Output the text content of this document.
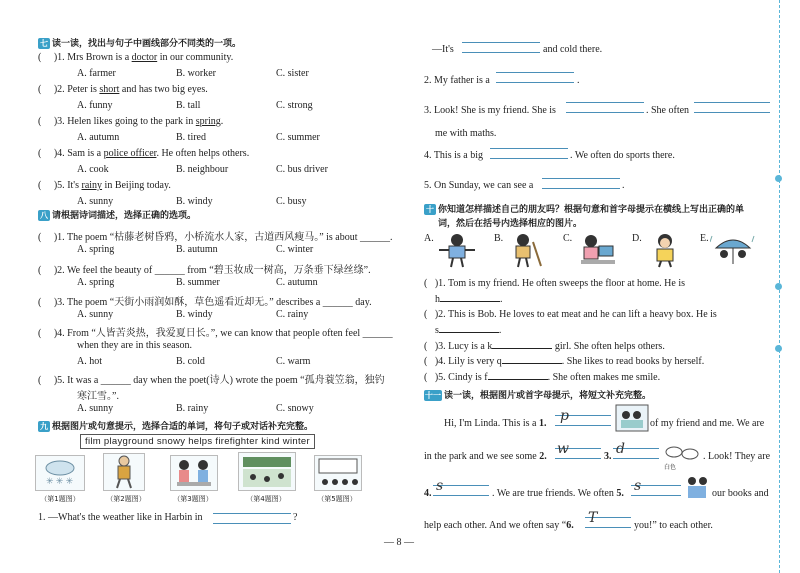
七 读一读，找出与句子中画线部分不同类的一项。
( )1. Mrs Brown is a doctor in our community.
A. farmer	B. worker	C. sister
( )2. Peter is short and has two big eyes.
A. funny	B. tall	C. strong
( )3. Helen likes going to the park in spring.
A. autumn	B. tired	C. summer
( )4. Sam is a police officer. He often helps others.
A. cook	B. neighbour	C. bus driver
( )5. It's rainy in Beijing today.
A. sunny	B. windy	C. busy
八 请根据诗词描述，选择正确的选项。
( )1. The poem “枯藤老树昏鸦，小桥流水人家，古道西风瘦马。” is about ______.
A. spring	B. autumn	C. winter
( )2. We feel the beauty of ______ from “碧玉妆成一树高，万条垂下绿丝绦”.
A. spring	B. summer	C. autumn
( )3. The poem “天街小雨润如酥，草色遥看近却无。” describes a ______ day.
A. sunny	B. windy	C. rainy
( )4. From “人皆苦炎热，我爱夏日长。”, we can know that people often feel ______
when they are in this season.
A. hot	B. cold	C. warm
( )5. It was a ______ day when the poet(诗人) wrote the poem “孤舟蓑笠翁，独钓
寒江雪。”.
A. sunny	B. rainy	C. snowy
九 根据图片或句意提示，选择合适的单词，将句子或对话补充完整。
film playground snowy helps firefighter kind winter
✳ ✳ ✳
（第1题图）	（第2题图）	（第3题图）	（第4题图）	（第5题图）
1. —What's the weather like in Harbin in	?
— 8 —
—It's	and cold there.
2. My father is a	.
3. Look! She is my friend. She is	. She often
me with maths.
4. This is a big	. We often do sports there.
5. On Sunday, we can see a	.
十 你知道怎样描述自己的朋友吗？根据句意和首字母提示在横线上写出正确的单
词，然后在括号内选择相应的图片。
A.	B.	C.	D.	E.
( )1. Tom is my friend. He often sweeps the floor at home. He is
h	.
( )2. This is Bob. He loves to eat meat and he can lift a heavy box. He is
s	.
( )3. Lucy is a k	girl. She often helps others.
( )4. Lily is very q	. She likes to read books by herself.
( )5. Cindy is f	. She often makes me smile.
十一 读一读，根据图片或首字母提示，将短文补充完整。
Hi, I'm Linda. This is a 1. p	of my friend and me. We are
in the park and we see some 2. w	3. d
白色
. Look! They are
4. s	. We are true friends. We often 5. s	our books and
help each other. And we often say “6. T	you!” to each other.
